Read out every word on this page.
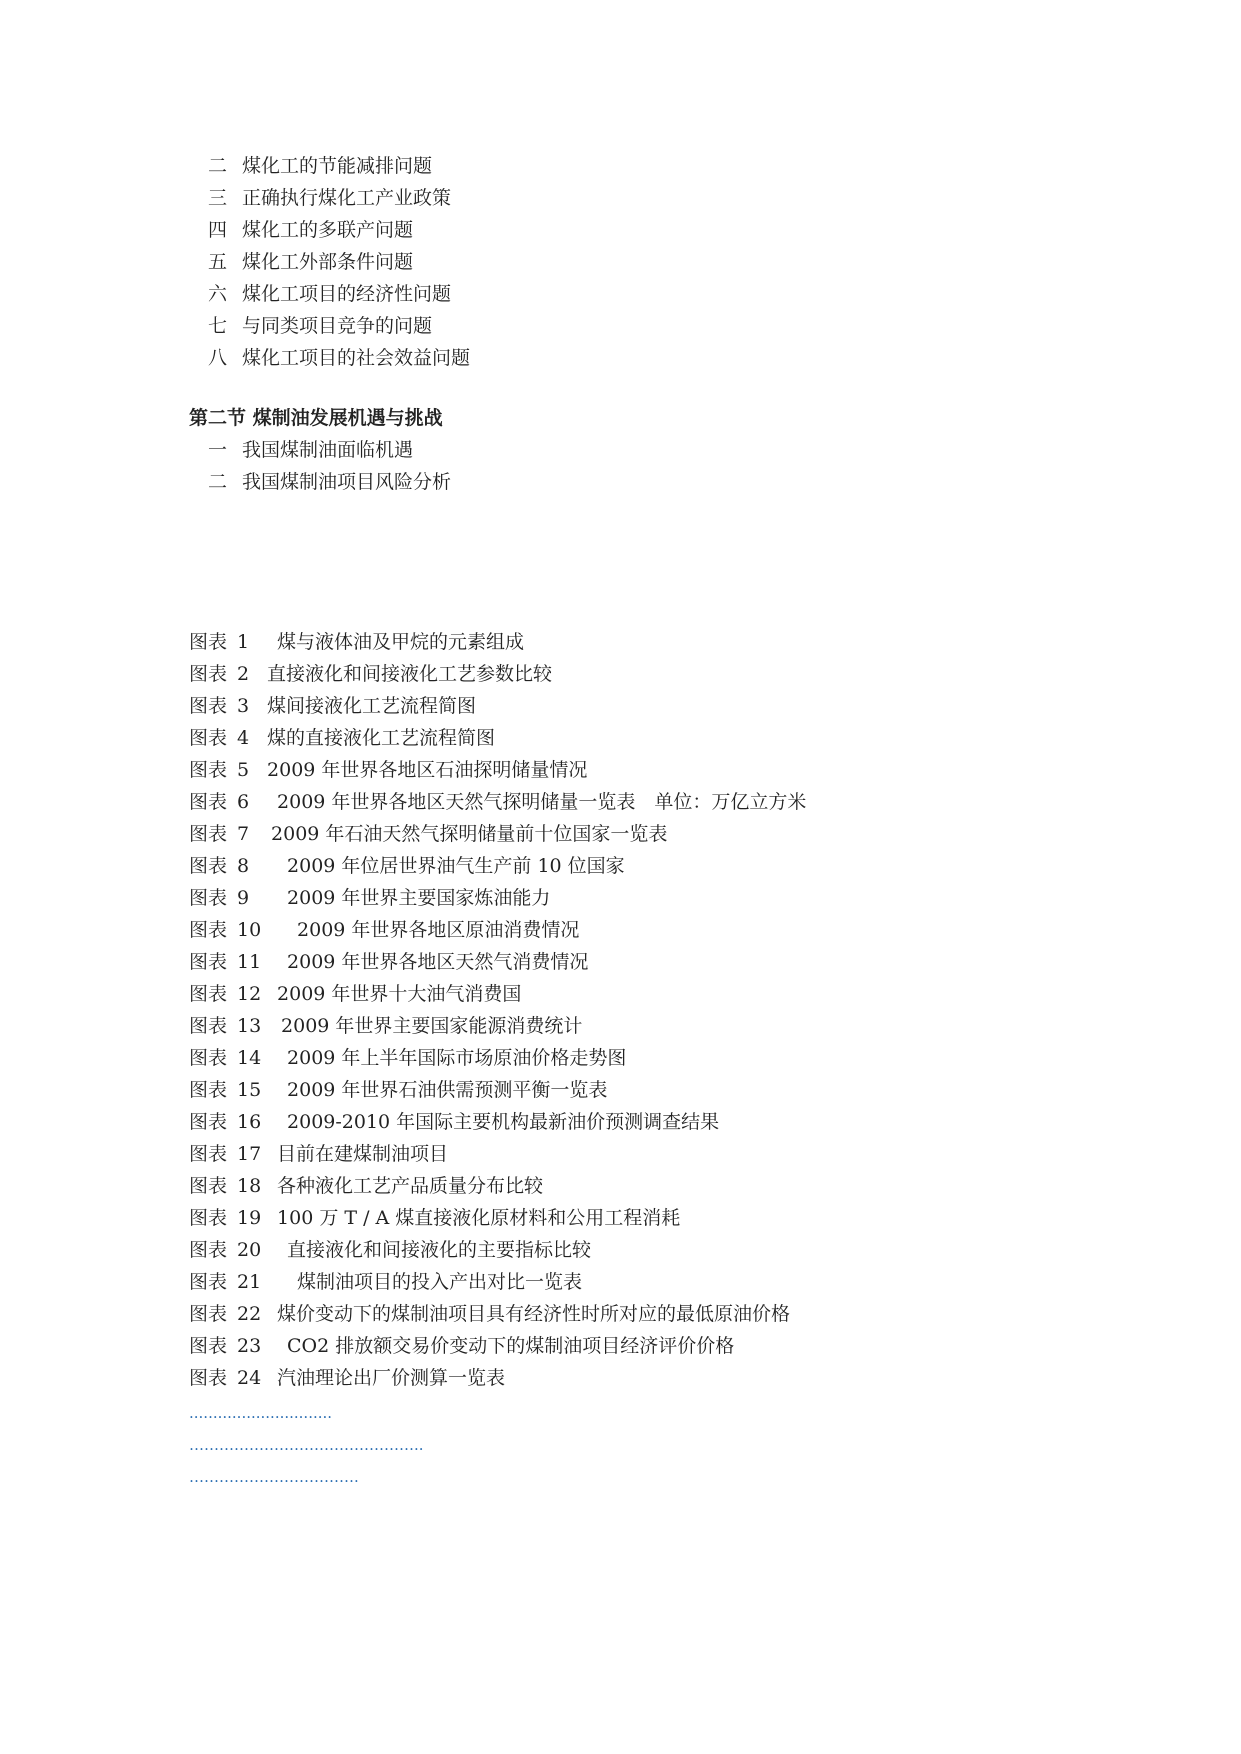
二 煤化工的节能减排问题
三 正确执行煤化工产业政策
四 煤化工的多联产问题
五 煤化工外部条件问题
六 煤化工项目的经济性问题
七 与同类项目竞争的问题
八 煤化工项目的社会效益问题
第二节 煤制油发展机遇与挑战
一 我国煤制油面临机遇
二 我国煤制油项目风险分析
图表 1 煤与液体油及甲烷的元素组成
图表 2 直接液化和间接液化工艺参数比较
图表 3 煤间接液化工艺流程简图
图表 4 煤的直接液化工艺流程简图
图表 5 2009 年世界各地区石油探明储量情况
图表 6 2009 年世界各地区天然气探明储量一览表　单位：万亿立方米
图表 7 2009 年石油天然气探明储量前十位国家一览表
图表 8 2009 年位居世界油气生产前 10 位国家
图表 9 2009 年世界主要国家炼油能力
图表 10 2009 年世界各地区原油消费情况
图表 11 2009 年世界各地区天然气消费情况
图表 12 2009 年世界十大油气消费国
图表 13 2009 年世界主要国家能源消费统计
图表 14 2009 年上半年国际市场原油价格走势图
图表 15 2009 年世界石油供需预测平衡一览表
图表 16 2009-2010 年国际主要机构最新油价预测调查结果
图表 17 目前在建煤制油项目
图表 18 各种液化工艺产品质量分布比较
图表 19 100 万 T / A 煤直接液化原材料和公用工程消耗
图表 20 直接液化和间接液化的主要指标比较
图表 21 煤制油项目的投入产出对比一览表
图表 22 煤价变动下的煤制油项目具有经济性时所对应的最低原油价格
图表 23 CO2 排放额交易价变动下的煤制油项目经济评价价格
图表 24 汽油理论出厂价测算一览表
..............................
………………………………………..
…………………………….
